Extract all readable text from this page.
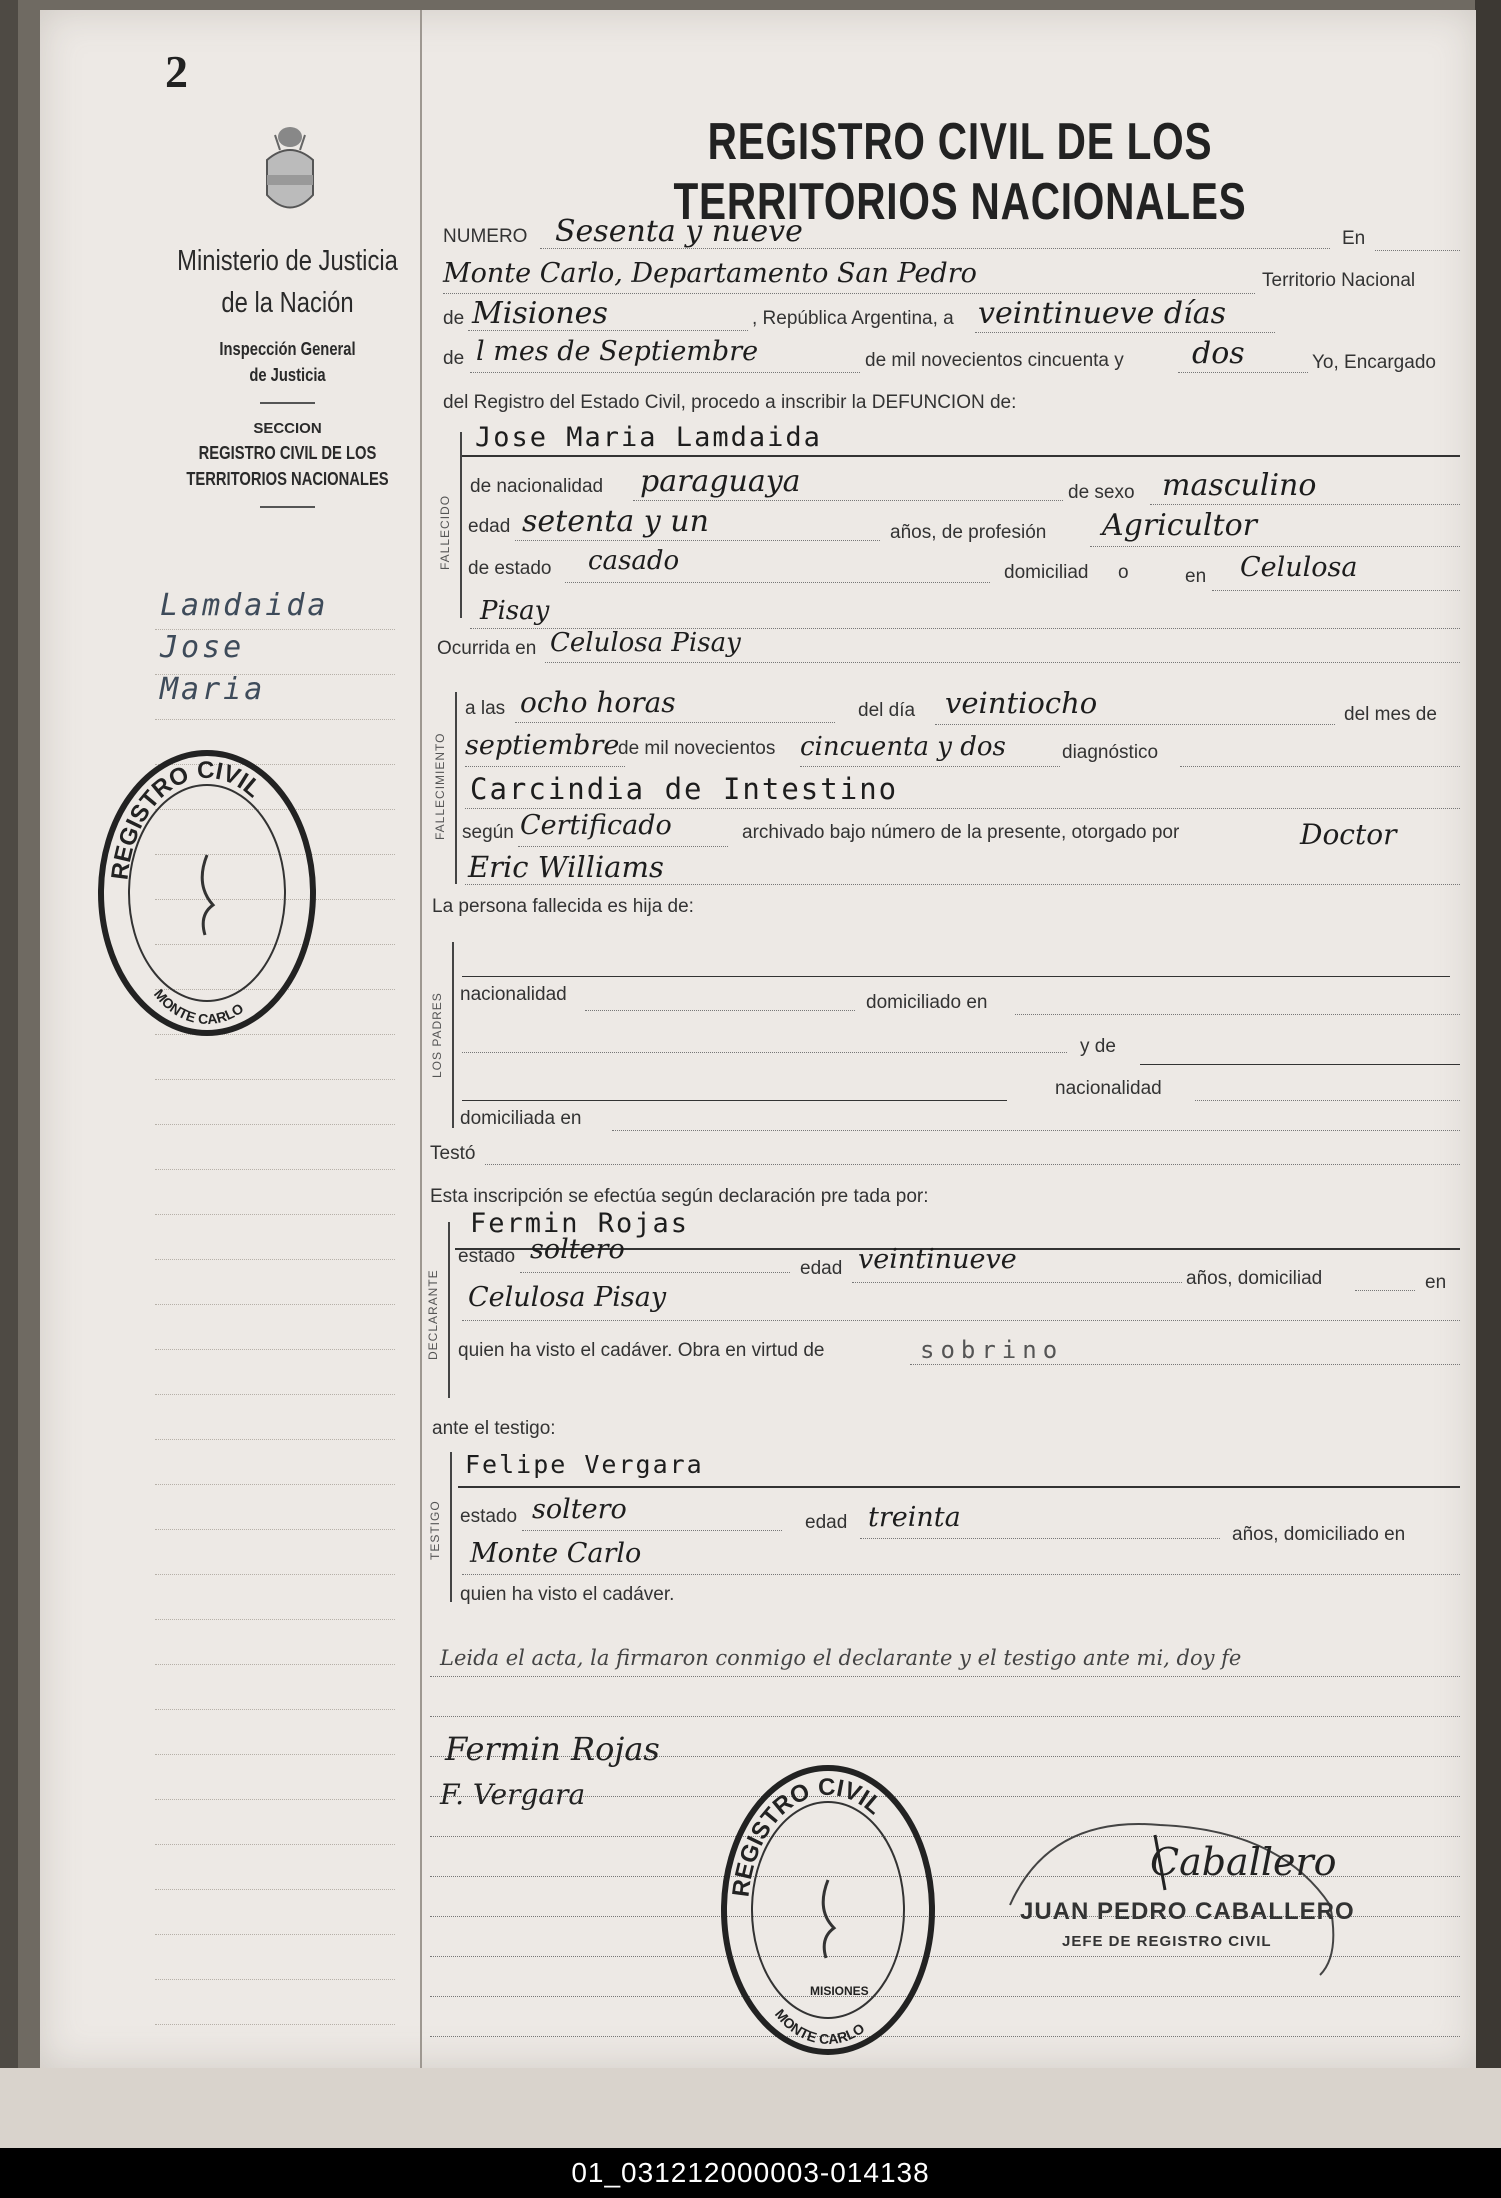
2
Ministerio de Justicia
de la Nación
Inspección General
de Justicia
SECCION
REGISTRO CIVIL DE LOS
TERRITORIOS NACIONALES
Lamdaida
Jose
Maria
REGISTRO CIVIL
MONTE CARLO
REGISTRO CIVIL DE LOS TERRITORIOS NACIONALES
NUMERO Sesenta y nueve	En
Monte Carlo, Departamento San Pedro	Territorio Nacional
de Misiones	, República Argentina, a veintinueve días
de l mes de Septiembre	de mil novecientos cincuenta y dos	Yo, Encargado
del Registro del Estado Civil, procedo a inscribir la DEFUNCION de:
FALLECIDO
Jose Maria Lamdaida
de nacionalidad paraguaya	de sexo masculino
edad setenta y un	años, de profesión Agricultor
de estado casado	domiciliad o	en Celulosa
Pisay
Ocurrida en Celulosa Pisay
FALLECIMIENTO
a las ocho horas	del día veintiocho	del mes de
septiembre
de mil novecientos cincuenta y dos	diagnóstico
Carcindia de Intestino
según Certificado	archivado bajo número de la presente, otorgado por	Doctor
Eric Williams
La persona fallecida es hija de:
LOS PADRES nacionalidad	domiciliado en
y de
nacionalidad
domiciliada en
Testó
Esta inscripción se efectúa según declaración pre tada por:
DECLARANTE
Fermin Rojas
estado soltero
edad veintinueve
años, domiciliad	en
Celulosa Pisay
quien ha visto el cadáver. Obra en virtud de	sobrino
ante el testigo:
TESTIGO
Felipe Vergara
estado soltero	edad treinta
años, domiciliado en
Monte Carlo
quien ha visto el cadáver.
Leida el acta, la firmaron conmigo el declarante y el testigo ante mi, doy fe
Fermin Rojas
F. Vergara
REGISTRO CIVIL
MONTE CARLO
MISIONES
Caballero
JUAN PEDRO CABALLERO
JEFE DE REGISTRO CIVIL
01_031212000003-014138
